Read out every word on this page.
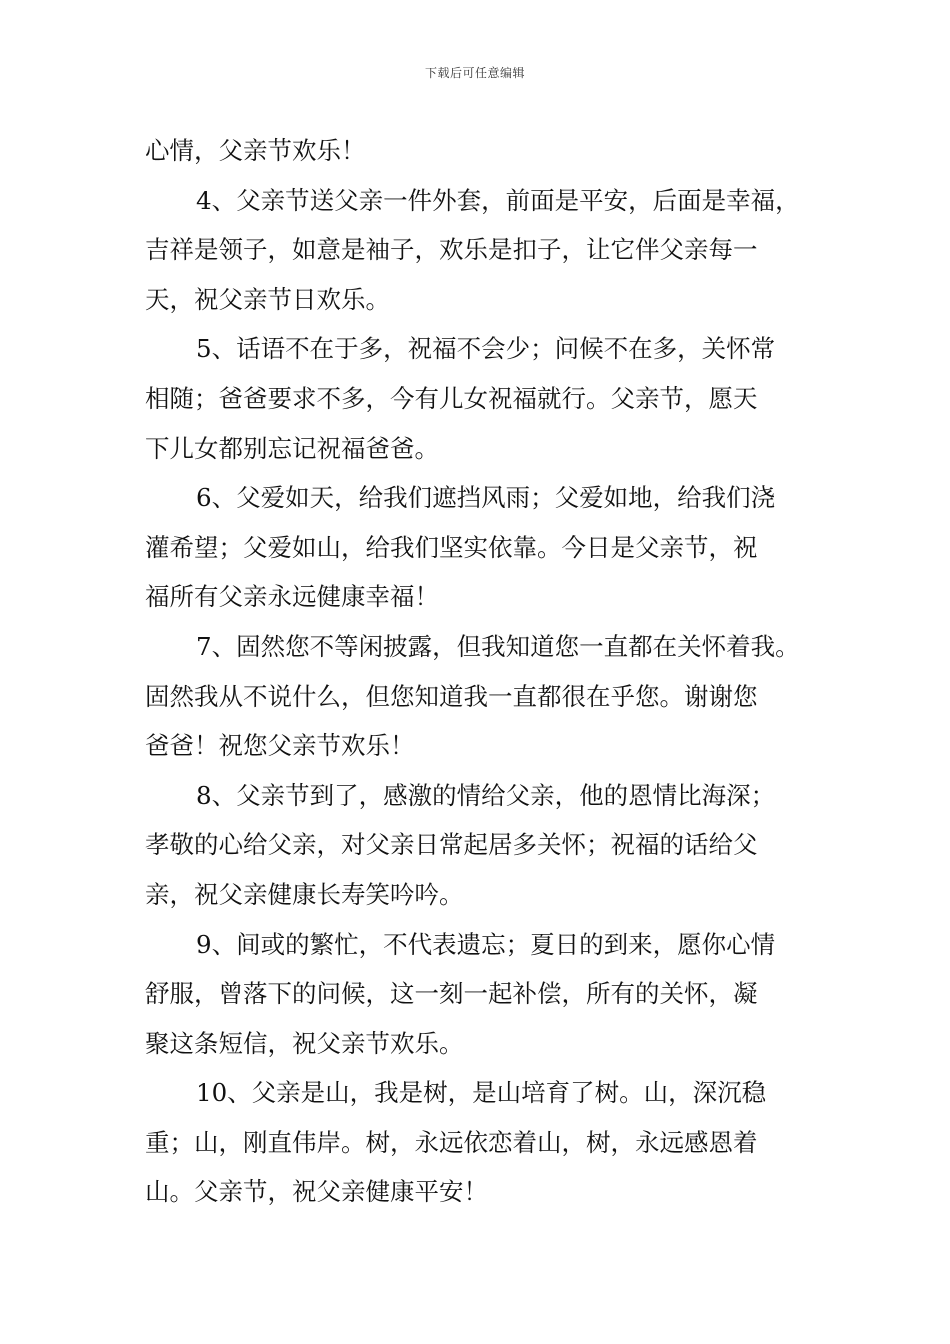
下载后可任意编辑
心情，父亲节欢乐！
4、父亲节送父亲一件外套，前面是平安，后面是幸福，
吉祥是领子，如意是袖子，欢乐是扣子，让它伴父亲每一
天，祝父亲节日欢乐。
5、话语不在于多，祝福不会少；问候不在多，关怀常
相随；爸爸要求不多，今有儿女祝福就行。父亲节，愿天
下儿女都别忘记祝福爸爸。
6、父爱如天，给我们遮挡风雨；父爱如地，给我们浇
灌希望；父爱如山，给我们坚实依靠。今日是父亲节，祝
福所有父亲永远健康幸福！
7、固然您不等闲披露，但我知道您一直都在关怀着我。
固然我从不说什么，但您知道我一直都很在乎您。谢谢您
爸爸！祝您父亲节欢乐！
8、父亲节到了，感激的情给父亲，他的恩情比海深；
孝敬的心给父亲，对父亲日常起居多关怀；祝福的话给父
亲，祝父亲健康长寿笑吟吟。
9、间或的繁忙，不代表遗忘；夏日的到来，愿你心情
舒服，曾落下的问候，这一刻一起补偿，所有的关怀，凝
聚这条短信，祝父亲节欢乐。
10、父亲是山，我是树，是山培育了树。山，深沉稳
重；山，刚直伟岸。树，永远依恋着山，树，永远感恩着
山。父亲节，祝父亲健康平安！
